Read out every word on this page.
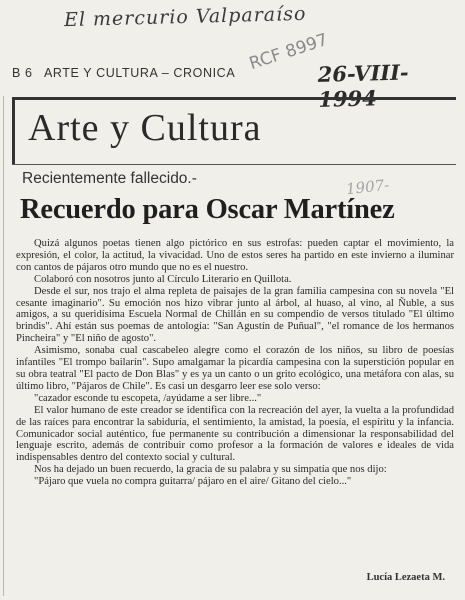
El mercurio Valparaíso
RCF 8997
26-VIII-1994
B 6 ARTE Y CULTURA – CRONICA
Arte y Cultura
Recientemente fallecido.-	1907-
Recuerdo para Oscar Martínez

Quizá algunos poetas tienen algo pictórico en sus estrofas: pueden captar el movimiento, la expresión, el color, la actitud, la vivacidad. Uno de estos seres ha partido en este invierno a iluminar con cantos de pájaros otro mundo que no es el nuestro.

Colaboró con nosotros junto al Círculo Literario en Quillota.

Desde el sur, nos trajo el alma repleta de paisajes de la gran familia campesina con su novela "El cesante imaginario". Su emoción nos hizo vibrar junto al árbol, al huaso, al vino, al Ñuble, a sus amigos, a su queridísima Escuela Normal de Chillán en su compendio de versos titulado "El último brindis". Ahí están sus poemas de antología: "San Agustín de Puñual", "el romance de los hermanos Pincheira" y "El niño de agosto".

Asimismo, sonaba cual cascabeleo alegre como el corazón de los niños, su libro de poesías infantiles "El trompo bailarín". Supo amalgamar la picardía campesina con la superstición popular en su obra teatral "El pacto de Don Blas" y es ya un canto o un grito ecológico, una metáfora con alas, su último libro, "Pájaros de Chile". Es casi un desgarro leer ese solo verso:

"cazador esconde tu escopeta, /ayúdame a ser libre..."

El valor humano de este creador se identifica con la recreación del ayer, la vuelta a la profundidad de las raíces para encontrar la sabiduría, el sentimiento, la amistad, la poesía, el espíritu y la infancia. Comunicador social auténtico, fue permanente su contribución a dimensionar la responsabilidad del lenguaje escrito, además de contribuir como profesor a la formación de valores e ideales de vida indispensables dentro del contexto social y cultural.

Nos ha dejado un buen recuerdo, la gracia de su palabra y su simpatía que nos dijo:

"Pájaro que vuela no compra guitarra/ pájaro en el aire/ Gitano del cielo..."

Lucía Lezaeta M.
